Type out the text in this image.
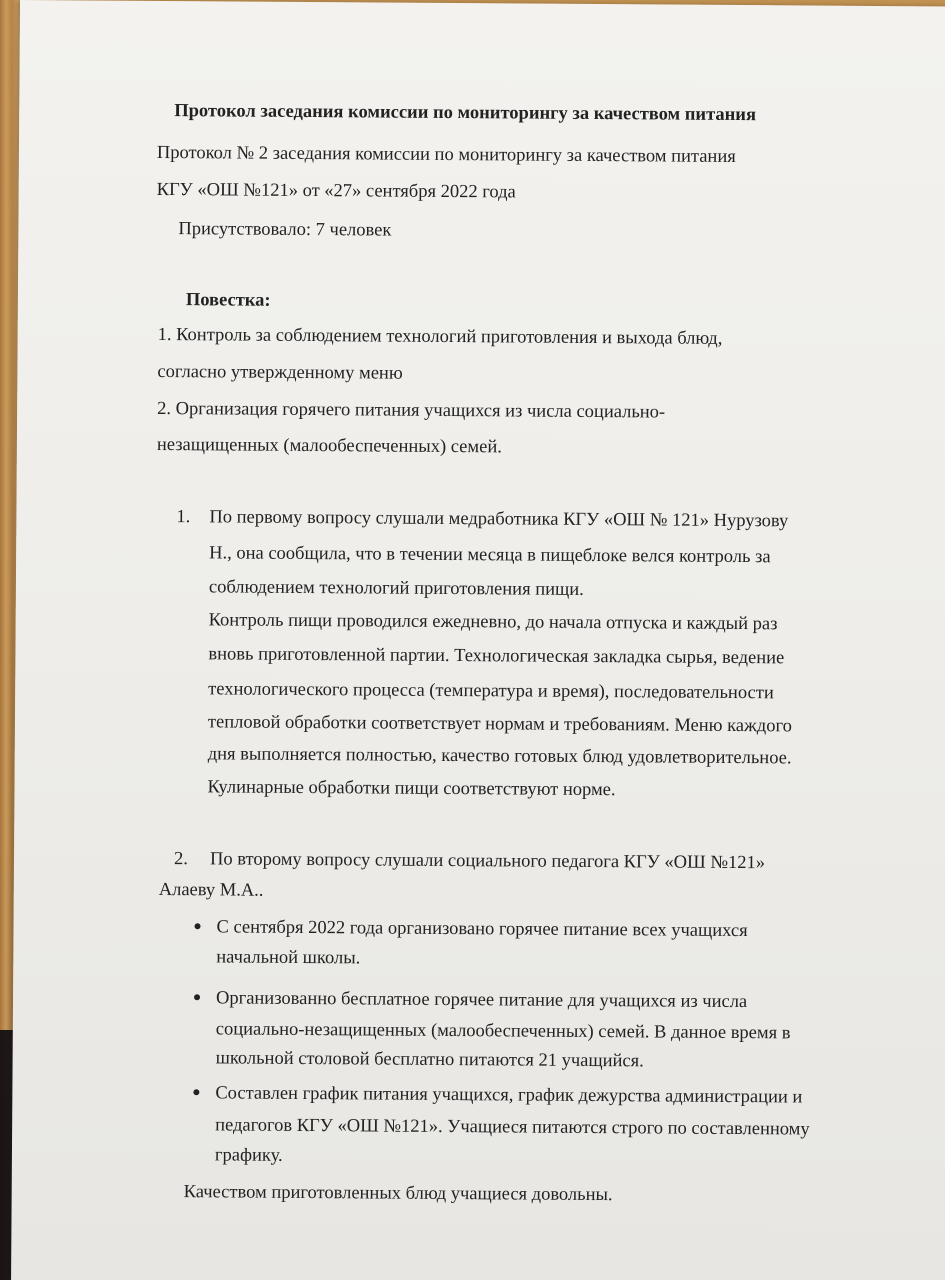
Протокол заседания комиссии по мониторингу за качеством питания
Протокол № 2 заседания комиссии по мониторингу за качеством питания
КГУ «ОШ №121» от «27» сентября 2022 года
Присутствовало: 7 человек
Повестка:
1. Контроль за соблюдением технологий приготовления и выхода блюд,
согласно утвержденному меню
2. Организация горячего питания учащихся из числа социально-
незащищенных (малообеспеченных) семей.
1. По первому вопросу слушали медработника КГУ «ОШ № 121» Нурузову
Н., она сообщила, что в течении месяца в пищеблоке велся контроль за
соблюдением технологий приготовления пищи.
Контроль пищи проводился ежедневно, до начала отпуска и каждый раз
вновь приготовленной партии. Технологическая закладка сырья, ведение
технологического процесса (температура и время), последовательности
тепловой обработки соответствует нормам и требованиям. Меню каждого
дня выполняется полностью, качество готовых блюд удовлетворительное.
Кулинарные обработки пищи соответствуют норме.
2. По второму вопросу слушали социального педагога КГУ «ОШ №121»
Алаеву М.А..
С сентября 2022 года организовано горячее питание всех учащихся
начальной школы.
Организованно бесплатное горячее питание для учащихся из числа
социально-незащищенных (малообеспеченных) семей. В данное время в
школьной столовой бесплатно питаются 21 учащийся.
Составлен график питания учащихся, график дежурства администрации и
педагогов КГУ «ОШ №121». Учащиеся питаются строго по составленному
графику.
Качеством приготовленных блюд учащиеся довольны.
